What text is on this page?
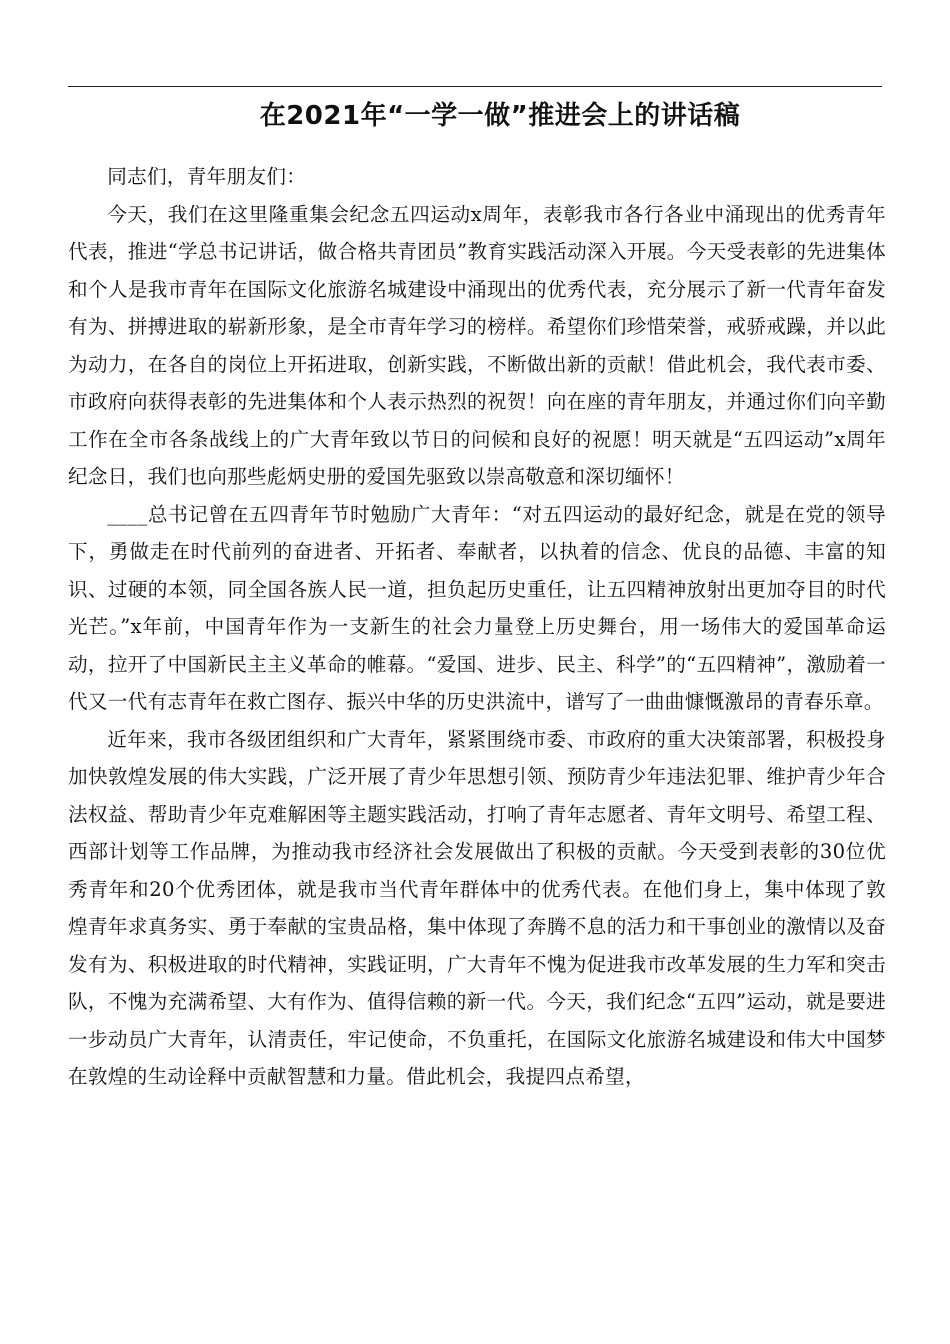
在2021年“一学一做”推进会上的讲话稿

同志们，青年朋友们：

今天，我们在这里隆重集会纪念五四运动x周年，表彰我市各行各业中涌现出的优秀青年代表，推进“学总书记讲话，做合格共青团员”教育实践活动深入开展。今天受表彰的先进集体和个人是我市青年在国际文化旅游名城建设中涌现出的优秀代表，充分展示了新一代青年奋发有为、拼搏进取的崭新形象，是全市青年学习的榜样。希望你们珍惜荣誉，戒骄戒躁，并以此为动力，在各自的岗位上开拓进取，创新实践，不断做出新的贡献！借此机会，我代表市委、市政府向获得表彰的先进集体和个人表示热烈的祝贺！向在座的青年朋友，并通过你们向辛勤工作在全市各条战线上的广大青年致以节日的问候和良好的祝愿！明天就是“五四运动”x周年纪念日，我们也向那些彪炳史册的爱国先驱致以崇高敬意和深切缅怀！

____总书记曾在五四青年节时勉励广大青年：“对五四运动的最好纪念，就是在党的领导下，勇做走在时代前列的奋进者、开拓者、奉献者，以执着的信念、优良的品德、丰富的知识、过硬的本领，同全国各族人民一道，担负起历史重任，让五四精神放射出更加夺目的时代光芒。”x年前，中国青年作为一支新生的社会力量登上历史舞台，用一场伟大的爱国革命运动，拉开了中国新民主主义革命的帷幕。“爱国、进步、民主、科学”的“五四精神”，激励着一代又一代有志青年在救亡图存、振兴中华的历史洪流中，谱写了一曲曲慷慨激昂的青春乐章。

近年来，我市各级团组织和广大青年，紧紧围绕市委、市政府的重大决策部署，积极投身加快敦煌发展的伟大实践，广泛开展了青少年思想引领、预防青少年违法犯罪、维护青少年合法权益、帮助青少年克难解困等主题实践活动，打响了青年志愿者、青年文明号、希望工程、西部计划等工作品牌，为推动我市经济社会发展做出了积极的贡献。今天受到表彰的30位优秀青年和20个优秀团体，就是我市当代青年群体中的优秀代表。在他们身上，集中体现了敦煌青年求真务实、勇于奉献的宝贵品格，集中体现了奔腾不息的活力和干事创业的激情以及奋发有为、积极进取的时代精神，实践证明，广大青年不愧为促进我市改革发展的生力军和突击队，不愧为充满希望、大有作为、值得信赖的新一代。今天，我们纪念“五四”运动，就是要进一步动员广大青年，认清责任，牢记使命，不负重托，在国际文化旅游名城建设和伟大中国梦在敦煌的生动诠释中贡献智慧和力量。借此机会，我提四点希望，
